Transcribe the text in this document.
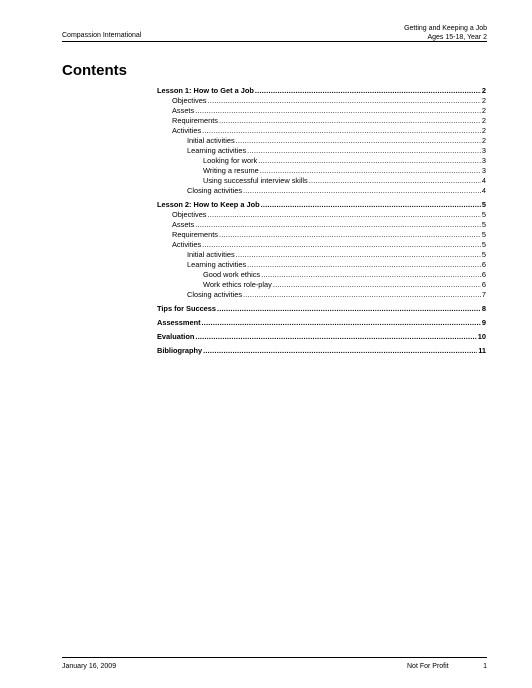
Compassion International
Getting and Keeping a Job
Ages 15-18, Year 2
Contents
Lesson 1: How to Get a Job .....	2
Objectives .....	2
Assets .....	2
Requirements .....	2
Activities .....	2
Initial activities .....	2
Learning activities .....	3
Looking for work .....	3
Writing a resume .....	3
Using successful interview skills .....	4
Closing activities .....	4
Lesson 2: How to Keep a Job .....	5
Objectives .....	5
Assets .....	5
Requirements .....	5
Activities .....	5
Initial activities .....	5
Learning activities .....	6
Good work ethics .....	6
Work ethics role-play .....	6
Closing activities .....	7
Tips for Success .....	8
Assessment .....	9
Evaluation .....	10
Bibliography .....	11
January 16, 2009	Not For Profit	1
